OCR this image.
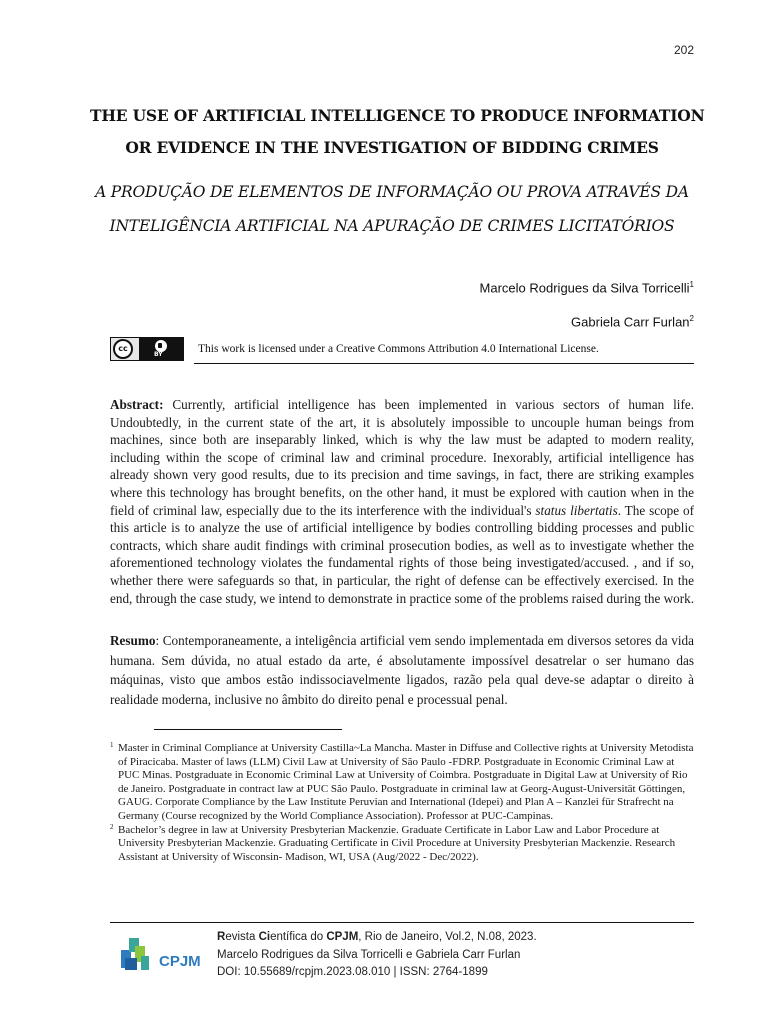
202
THE USE OF ARTIFICIAL INTELLIGENCE TO PRODUCE INFORMATION
OR EVIDENCE IN THE INVESTIGATION OF BIDDING CRIMES
A PRODUÇÃO DE ELEMENTOS DE INFORMAÇÃO OU PROVA ATRAVÉS DA
INTELIGÊNCIA ARTIFICIAL NA APURAÇÃO DE CRIMES LICITATÓRIOS
Marcelo Rodrigues da Silva Torricelli$^1$
Gabriela Carr Furlan$^2$
cc
BY	This work is licensed under a Creative Commons Attribution 4.0 International License.
Abstract: Currently, artificial intelligence has been implemented in various sectors of human life. Undoubtedly, in the current state of the art, it is absolutely impossible to uncouple human beings from machines, since both are inseparably linked, which is why the law must be adapted to modern reality, including within the scope of criminal law and criminal procedure. Inexorably, artificial intelligence has already shown very good results, due to its precision and time savings, in fact, there are striking examples where this technology has brought benefits, on the other hand, it must be explored with caution when in the field of criminal law, especially due to the its interference with the individual's status libertatis. The scope of this article is to analyze the use of artificial intelligence by bodies controlling bidding processes and public contracts, which share audit findings with criminal prosecution bodies, as well as to investigate whether the aforementioned technology violates the fundamental rights of those being investigated/accused. , and if so, whether there were safeguards so that, in particular, the right of defense can be effectively exercised. In the end, through the case study, we intend to demonstrate in practice some of the problems raised during the work.
Resumo: Contemporaneamente, a inteligência artificial vem sendo implementada em diversos setores da vida humana. Sem dúvida, no atual estado da arte, é absolutamente impossível desatrelar o ser humano das máquinas, visto que ambos estão indissociavelmente ligados, razão pela qual deve-se adaptar o direito à realidade moderna, inclusive no âmbito do direito penal e processual penal.
1 Master in Criminal Compliance at University Castilla~La Mancha. Master in Diffuse and Collective rights at University Metodista of Piracicaba. Master of laws (LLM) Civil Law at University of São Paulo -FDRP. Postgraduate in Economic Criminal Law at PUC Minas. Postgraduate in Economic Criminal Law at University of Coimbra. Postgraduate in Digital Law at University of Rio de Janeiro. Postgraduate in contract law at PUC São Paulo. Postgraduate in criminal law at Georg-August-Universität Göttingen, GAUG. Corporate Compliance by the Law Institute Peruvian and International (Idepei) and Plan A – Kanzlei für Strafrecht na Germany (Course recognized by the World Compliance Association). Professor at PUC-Campinas.
2 Bachelor’s degree in law at University Presbyterian Mackenzie. Graduate Certificate in Labor Law and Labor Procedure at University Presbyterian Mackenzie. Graduating Certificate in Civil Procedure at University Presbyterian Mackenzie. Research Assistant at University of Wisconsin- Madison, WI, USA (Aug/2022 - Dec/2022).
CPJM
Revista Científica do CPJM, Rio de Janeiro, Vol.2, N.08, 2023.
Marcelo Rodrigues da Silva Torricelli e Gabriela Carr Furlan
DOI: 10.55689/rcpjm.2023.08.010 | ISSN: 2764-1899
